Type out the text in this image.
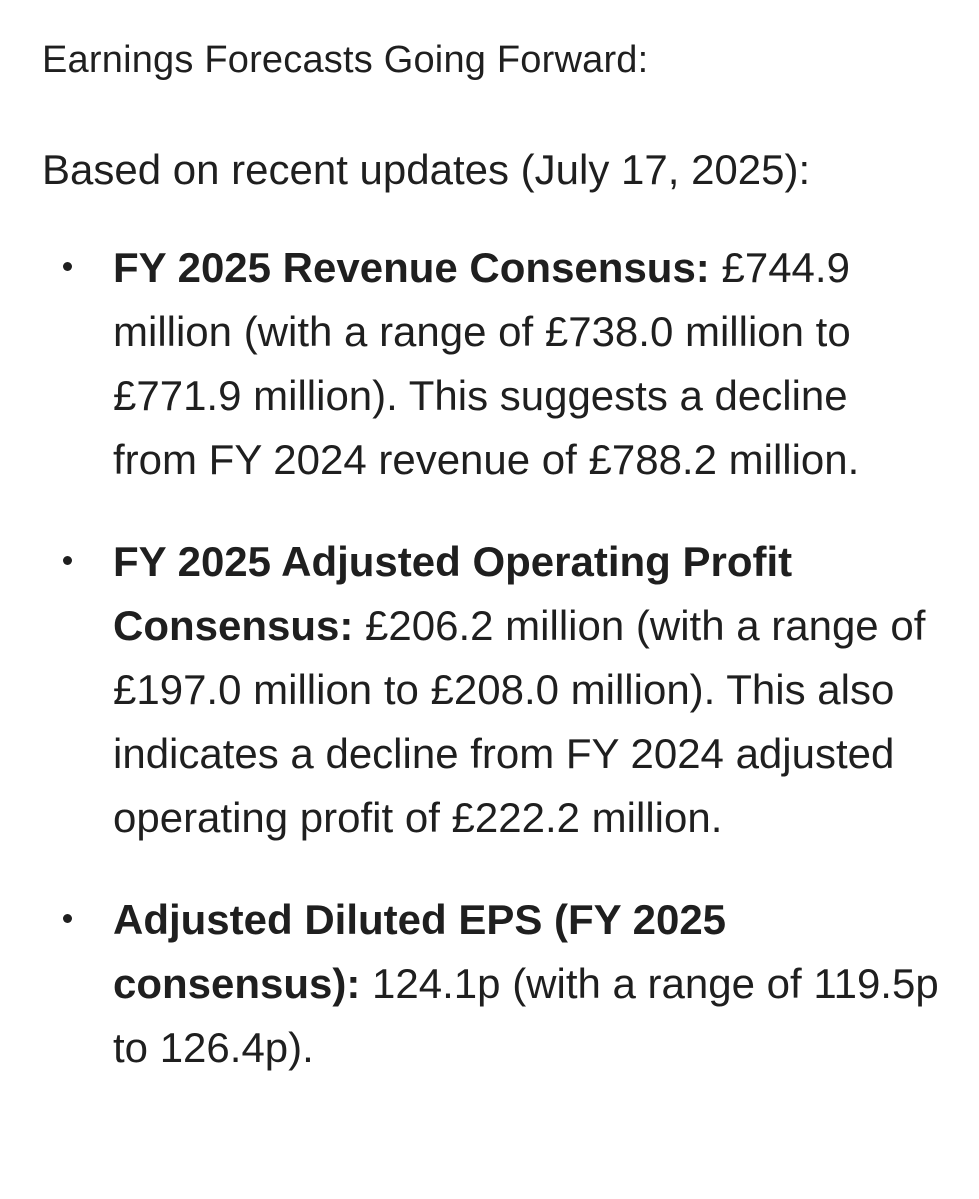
Earnings Forecasts Going Forward:

Based on recent updates (July 17, 2025):

FY 2025 Revenue Consensus: £744.9 million (with a range of £738.0 million to £771.9 million). This suggests a decline from FY 2024 revenue of £788.2 million.
FY 2025 Adjusted Operating Profit Consensus: £206.2 million (with a range of £197.0 million to £208.0 million). This also indicates a decline from FY 2024 adjusted operating profit of £222.2 million.
Adjusted Diluted EPS (FY 2025 consensus): 124.1p (with a range of 119.5p to 126.4p).
